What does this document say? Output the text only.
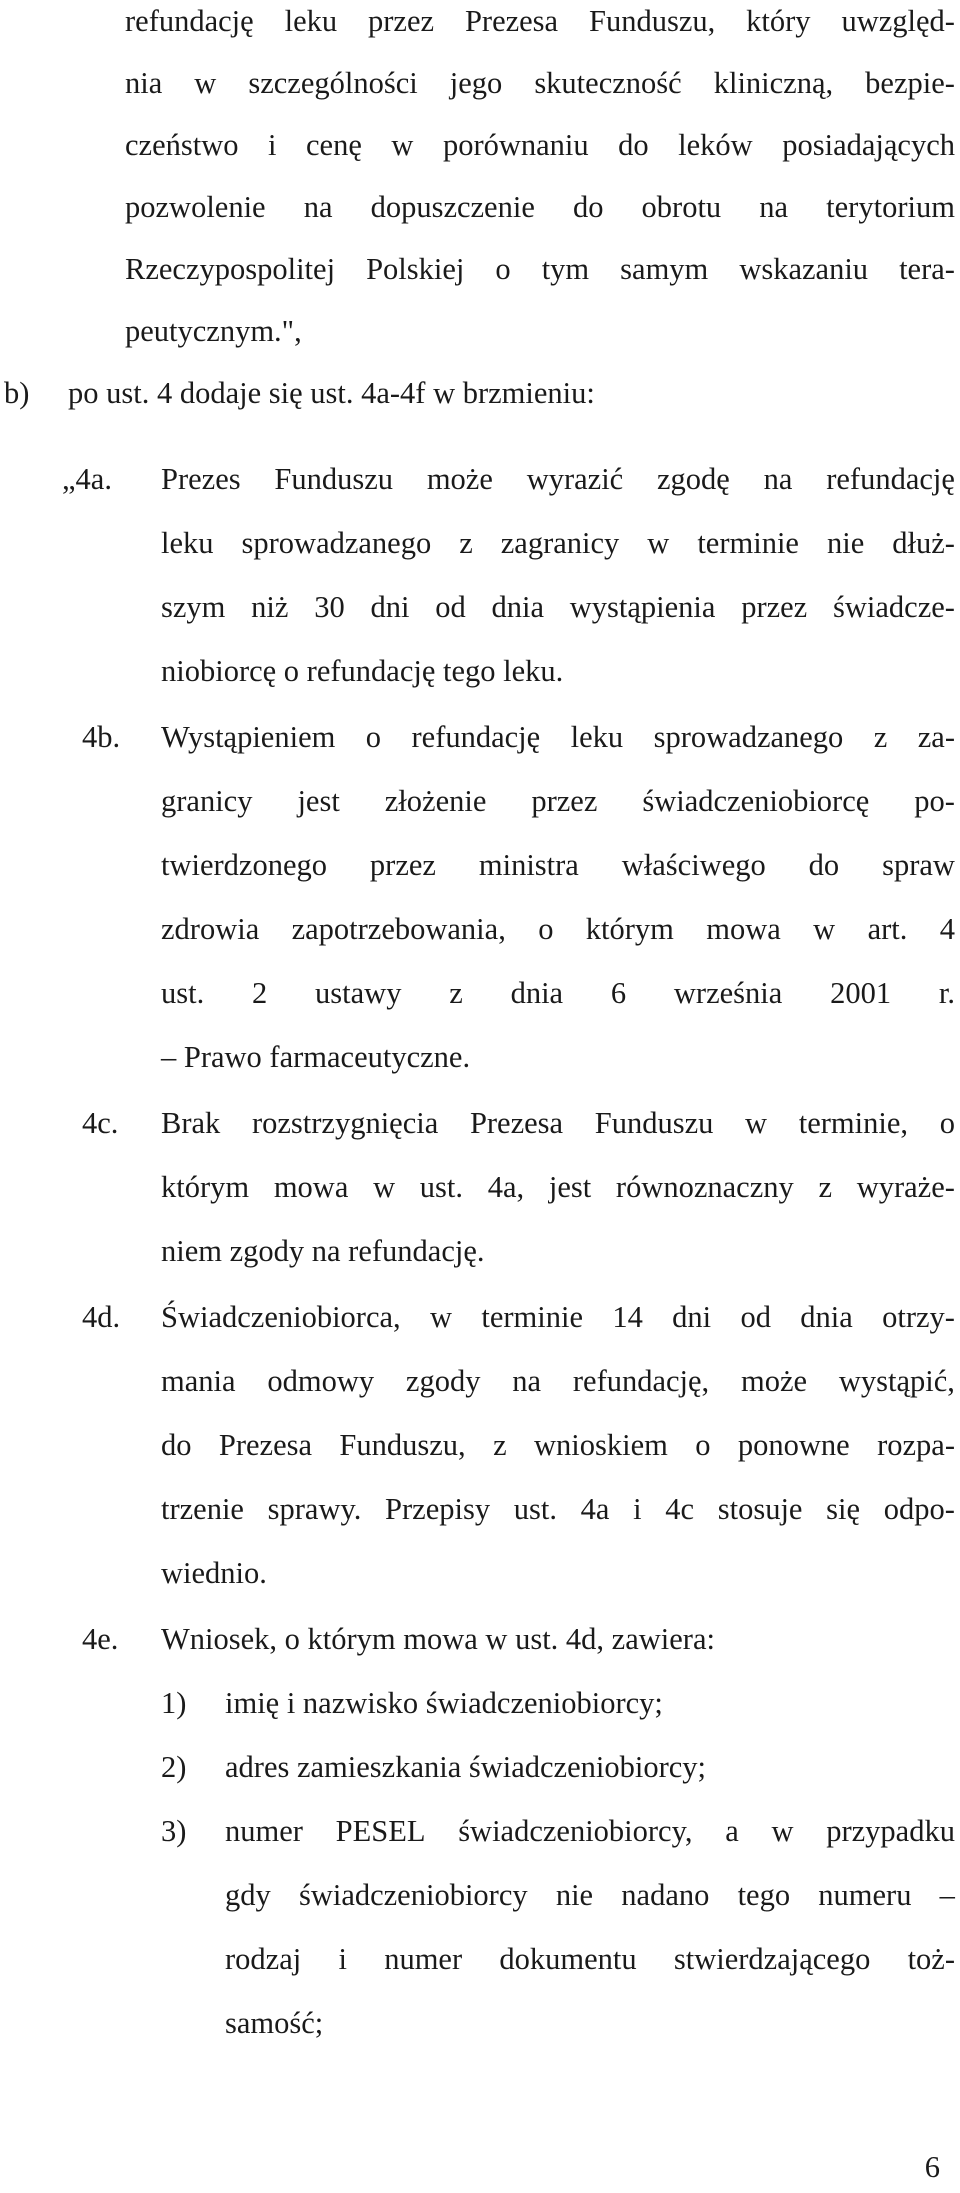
refundację leku przez Prezesa Funduszu, który uwzględ-
nia w szczególności jego skuteczność kliniczną, bezpie-
czeństwo i cenę w porównaniu do leków posiadających
pozwolenie na dopuszczenie do obrotu na terytorium
Rzeczypospolitej Polskiej o tym samym wskazaniu tera-
peutycznym.",
b) po ust. 4 dodaje się ust. 4a-4f w brzmieniu:
„4a. Prezes Funduszu może wyrazić zgodę na refundację
leku sprowadzanego z zagranicy w terminie nie dłuż-
szym niż 30 dni od dnia wystąpienia przez świadcze-
niobiorcę o refundację tego leku.
4b. Wystąpieniem o refundację leku sprowadzanego z za-
granicy jest złożenie przez świadczeniobiorcę po-
twierdzonego przez ministra właściwego do spraw
zdrowia zapotrzebowania, o którym mowa w art. 4
ust. 2 ustawy z dnia 6 września 2001 r.
– Prawo farmaceutyczne.
4c. Brak rozstrzygnięcia Prezesa Funduszu w terminie, o
którym mowa w ust. 4a, jest równoznaczny z wyraże-
niem zgody na refundację.
4d. Świadczeniobiorca, w terminie 14 dni od dnia otrzy-
mania odmowy zgody na refundację, może wystąpić,
do Prezesa Funduszu, z wnioskiem o ponowne rozpa-
trzenie sprawy. Przepisy ust. 4a i 4c stosuje się odpo-
wiednio.
4e. Wniosek, o którym mowa w ust. 4d, zawiera:
1) imię i nazwisko świadczeniobiorcy;
2) adres zamieszkania świadczeniobiorcy;
3) numer PESEL świadczeniobiorcy, a w przypadku
gdy świadczeniobiorcy nie nadano tego numeru –
rodzaj i numer dokumentu stwierdzającego toż-
samość;
6
